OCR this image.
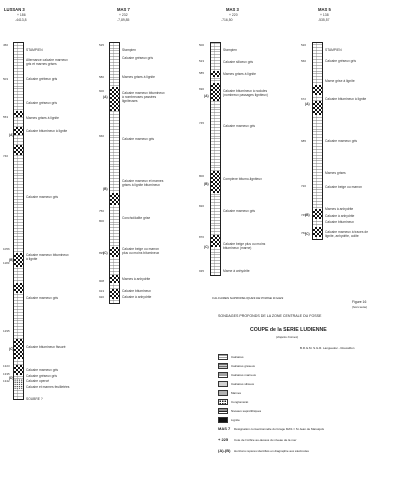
LUSSAN 3
+ 186
-4413,8
MAS 7
+ 232
-7,89,85
MAS 3
+ 220
-716,50
MAS 5
+ 138
-535,57
STAMPIEN
Alternance calcaire marneux
gris et marnes grises
Calcaire grébeux gris
Calcaire gréseux gris
Marnes grises à lignite
Calcaire bitumineux à lignite
Calcaire marneux gris
Calcaire marneux bitumineux
à lignite
Calcaire marneux gris
Calcaire bitumineux fissuré
Calcaire marneux gris
Calcaire gréseux gris
Calcaire opercé
Calcaire et marnes feuilletées
SOUBRE ?
450
503
553
740
1056
1183
1295
1323
1335
1342
(A)
(B)
(C)
(D)
Stampien
Calcaire gréseux gris
Marnes grises à lignite
Calcaire marneux bitumineux
à nombreuses passées
ligniteuses
Calcaire marneux gris
Calcaire marneux et marnes
grises à lignite bitumineux
Conchoïdalite grise
Calcaire beige ou marron
plus ou moins bitumineux
Marnes à anhydrite
Calcaire bitumineux
Calcaire à anhydrite
525
580
600
660
750
800
895
908
913
920
(A)
(B)
(C)
Stampien
Calcaire siliceux gris
Marnes grises à lignite
Calcaire bitumineux à nodules
(nombreux passages ligniteux)
Calcaire marneux gris
Complexe bitumo-ligniteux
Calcaire marneux gris
Calcaire beige plus ou moins
bitumineux (marne)
Marne à anhydrite
500
523
585
690
745
800
820
870
935
(A)
(B)
(C)
STAMPIEN
Calcaire gréseux gris
Marne grise à lignite
Calcaire bitumineux à lignite
Calcaire marneux gris
Marnes grises
Calcaire beige ou marron
Marnes à anhydrite
Calcaire à anhydrite
Calcaire bitumineux
Calcaire marneux à traces de
lignite, anhydrite, oolite
520
560
672
685
720
745
760
(A)
(B)
(C)
CALCAIRES SAPROPELIQUES DE PORGE D'ALES
Figure 16
(hors texte)
SONDAGES PROFONDS DE LA ZONE CENTRALE DU FOSSE
COUPE de la SERIE LUDIENNE
(d'après Comex)
B.R.G.M. S.G.R. Languedoc - Roussillon
Calcaires
Calcaires gréseux
Calcaires marneux
Calcaires siliceux
Marnes
Conglomérat
Niveaux saprolithiques
Lignite
MAS 7 Désignation conventionnelle du forage MAS = St Jean de Maruéjols
+ 225 Cote de l'orifice au-dessus du niveau de la mer
(A)-(B) Horizons repères identifiés en diagraphie aux électrodes
